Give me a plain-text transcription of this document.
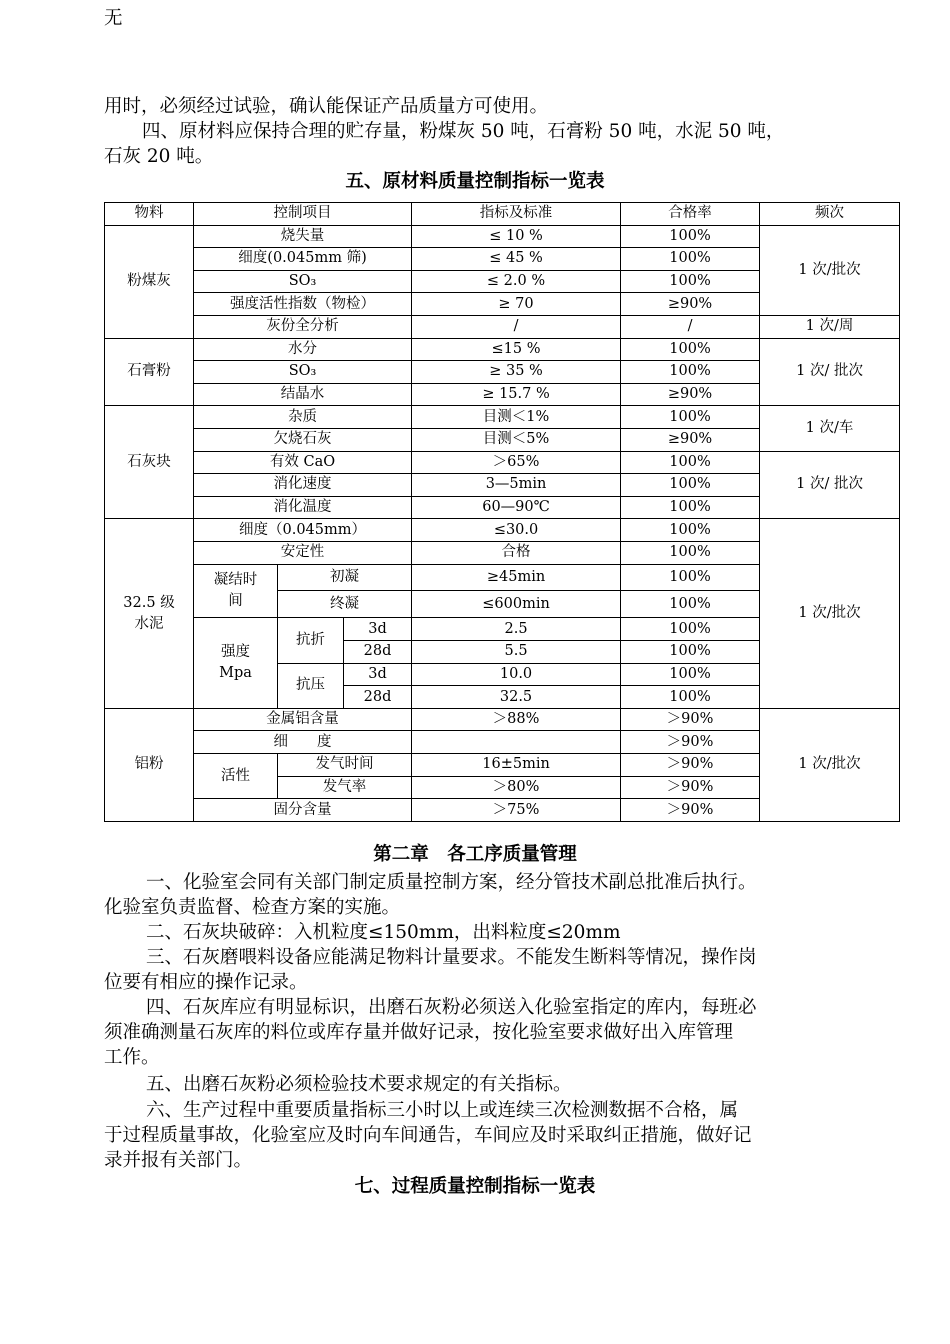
无
用时，必须经过试验，确认能保证产品质量方可使用。
四、原材料应保持合理的贮存量，粉煤灰 50 吨，石膏粉 50 吨，水泥 50 吨，
石灰 20 吨。
五、原材料质量控制指标一览表
物料	控制项目			指标及标准	合格率	频次
粉煤灰	烧失量			≤ 10 %	100%	1 次/批次
	细度(0.045mm 筛)			≤ 45 %	100%	
	SO₃			≤ 2.0 %	100%	
	强度活性指数（物检）			≥ 70	≥90%	
	灰份全分析			/	/	1 次/周
石膏粉	水分			≤15 %	100%	1 次/ 批次
	SO₃			≥ 35 %	100%	
	结晶水			≥ 15.7 %	≥90%	
石灰块	杂质			目测＜1%	100%	1 次/车
	欠烧石灰			目测＜5%	≥90%	
	有效 CaO			＞65%	100%	1 次/ 批次
	消化速度			3—5min	100%	
	消化温度			60—90℃	100%	
32.5 级
水泥	细度（0.045mm）			≤30.0	100%	1 次/批次
	安定性			合格	100%	
	凝结时间	初凝		≥45min	100%	
		终凝		≤600min	100%	
	强度 Mpa	抗折	3d	2.5	100%	
			28d	5.5	100%	
		抗压	3d	10.0	100%	
			28d	32.5	100%	
铝粉	金属铝含量			＞88%	＞90%	1 次/批次
	细　　度				＞90%	
	活性	发气时间		16±5min	＞90%	
		发气率		＞80%	＞90%	
	固分含量			＞75%	＞90%	
第二章　各工序质量管理
一、化验室会同有关部门制定质量控制方案，经分管技术副总批准后执行。
化验室负责监督、检查方案的实施。
二、石灰块破碎：入机粒度≤150mm，出料粒度≤20mm
三、石灰磨喂料设备应能满足物料计量要求。不能发生断料等情况，操作岗
位要有相应的操作记录。
四、石灰库应有明显标识，出磨石灰粉必须送入化验室指定的库内，每班必
须准确测量石灰库的料位或库存量并做好记录，按化验室要求做好出入库管理
工作。
五、出磨石灰粉必须检验技术要求规定的有关指标。
六、生产过程中重要质量指标三小时以上或连续三次检测数据不合格，属
于过程质量事故，化验室应及时向车间通告，车间应及时采取纠正措施，做好记
录并报有关部门。
七、过程质量控制指标一览表
